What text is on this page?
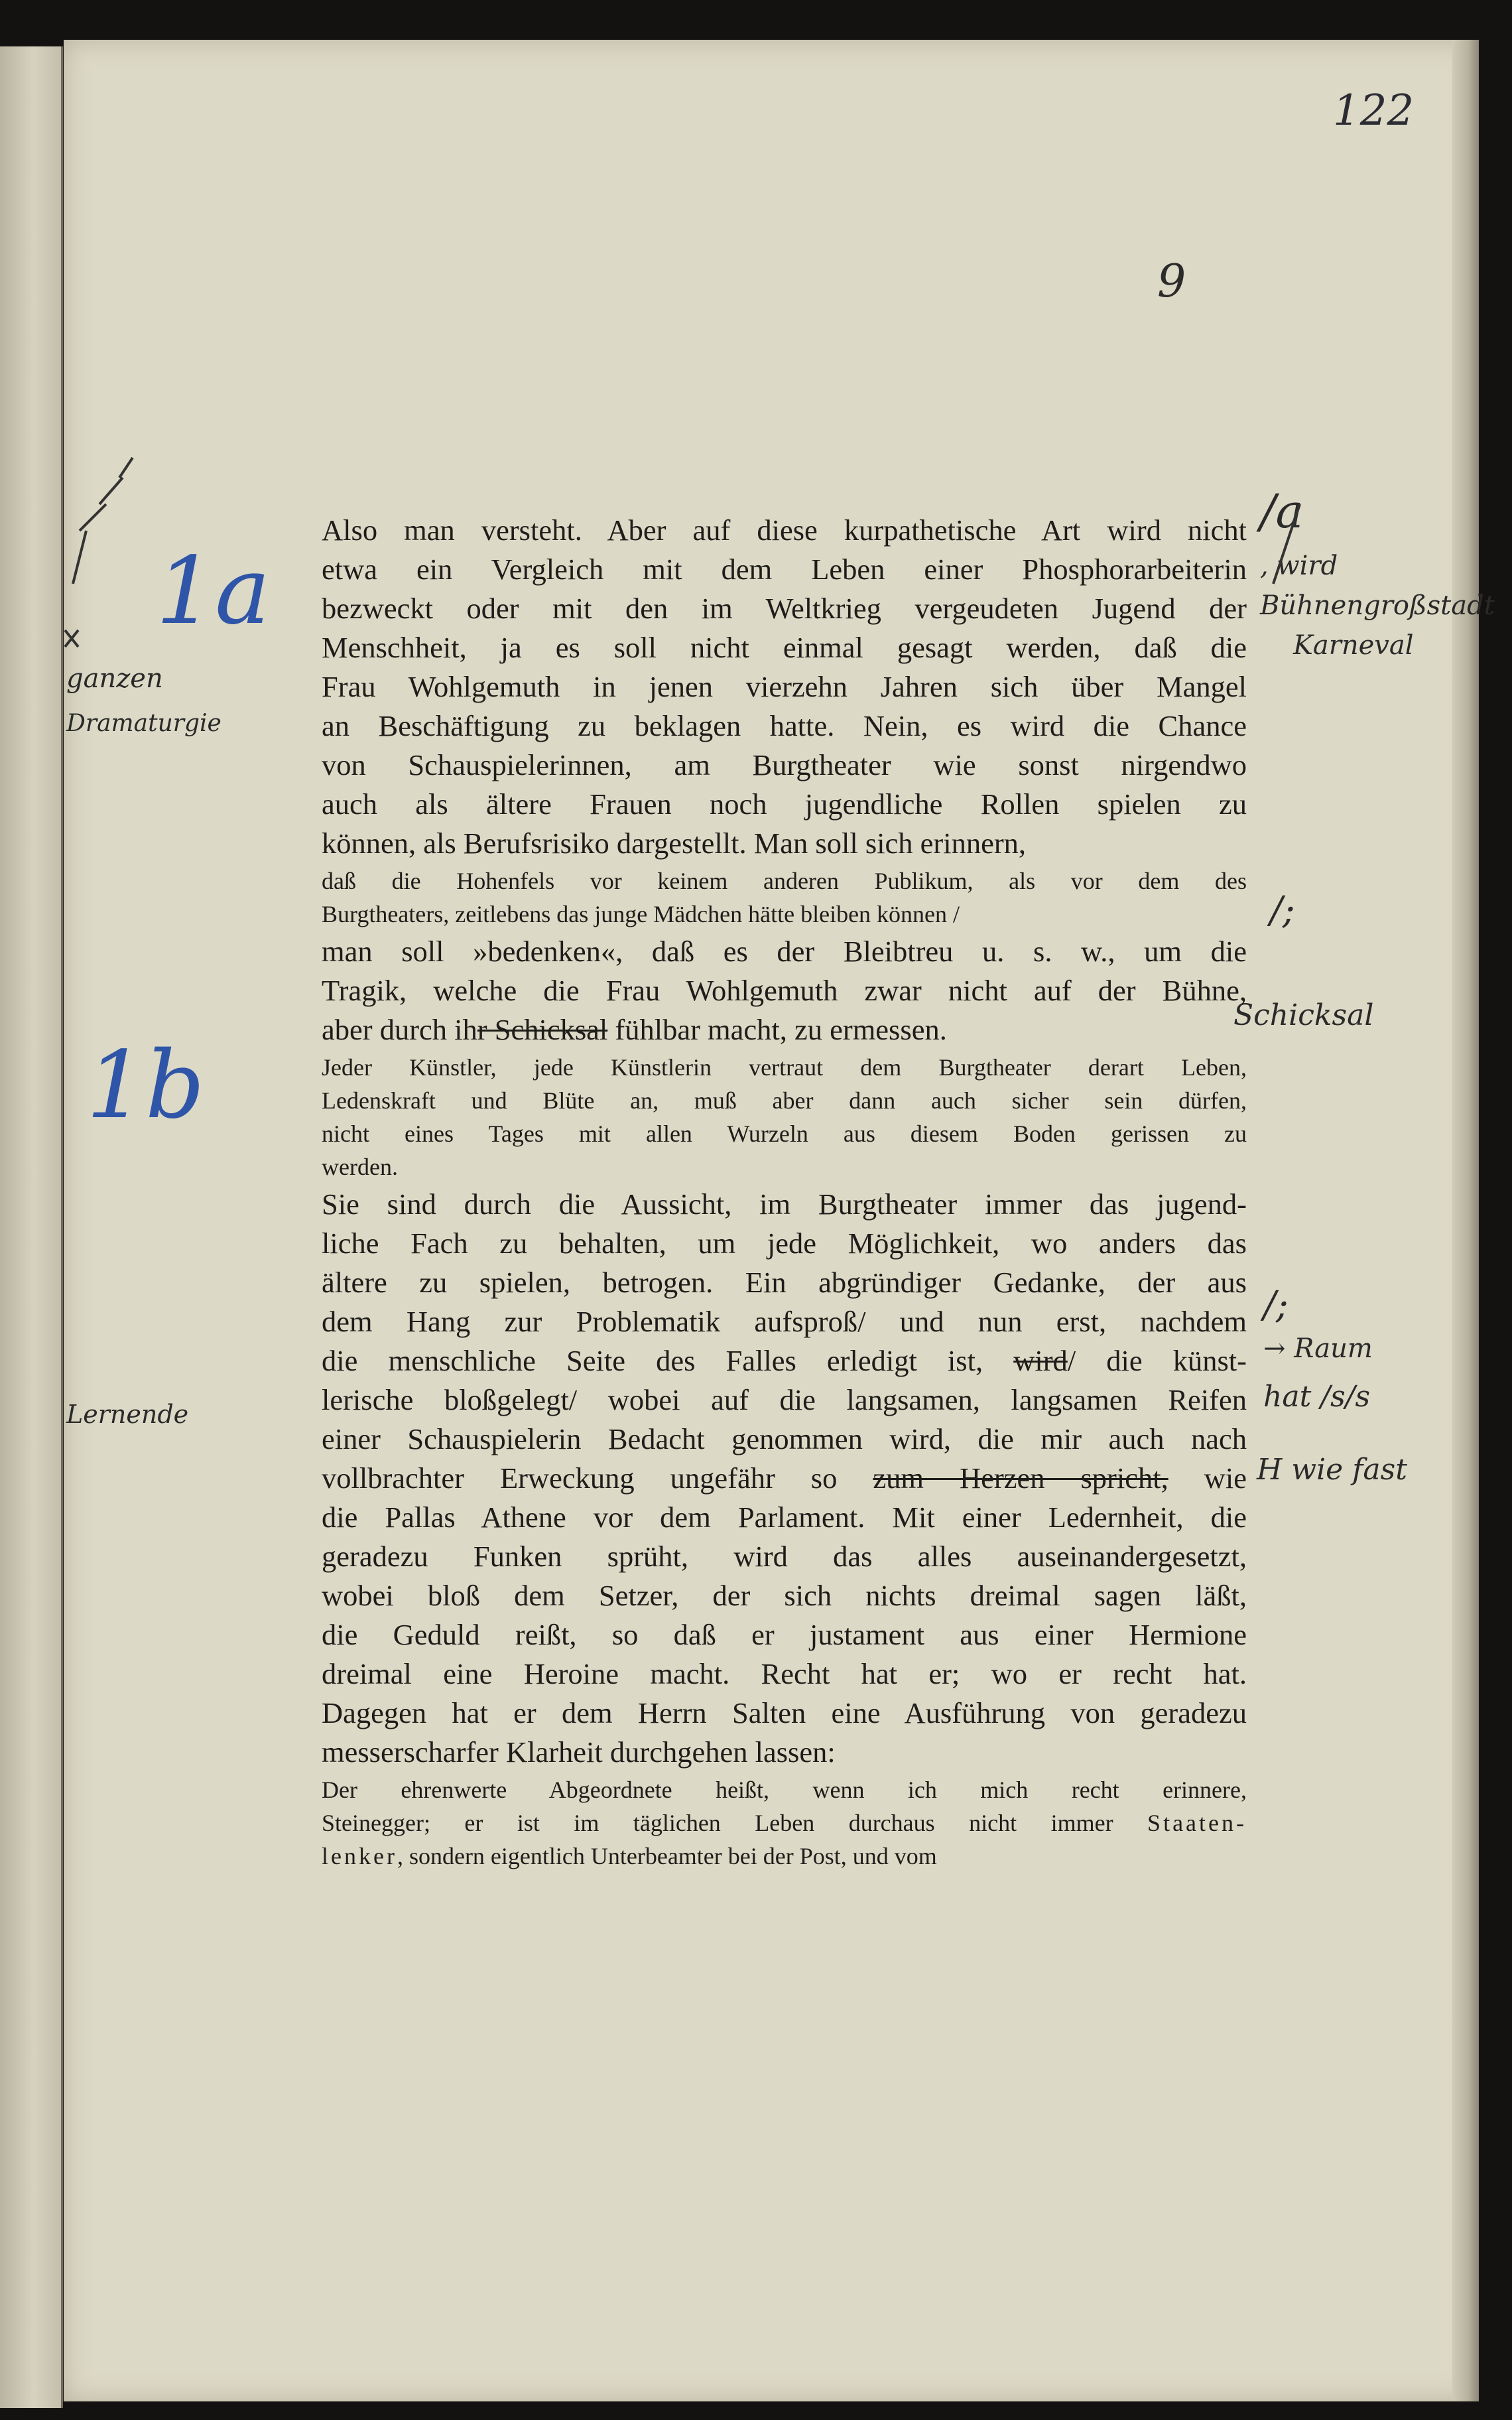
122
9

Also man versteht. Aber auf diese kurpathetische Art wird nicht

etwa ein Vergleich mit dem Leben einer Phosphorarbeiterin

bezweckt oder mit den im Weltkrieg vergeudeten Jugend der

Menschheit, ja es soll nicht einmal gesagt werden, daß die

Frau Wohlgemuth in jenen vierzehn Jahren sich über Mangel

an Beschäftigung zu beklagen hatte. Nein, es wird die Chance

von Schauspielerinnen, am Burgtheater wie sonst nirgendwo

auch als ältere Frauen noch jugendliche Rollen spielen zu

können, als Berufsrisiko dargestellt. Man soll sich erinnern,

daß die Hohenfels vor keinem anderen Publikum, als vor dem des

Burgtheaters, zeitlebens das junge Mädchen hätte bleiben können /

man soll »bedenken«, daß es der Bleibtreu u. s. w., um die

Tragik, welche die Frau Wohlgemuth zwar nicht auf der Bühne,

aber durch ihr Schicksal fühlbar macht, zu ermessen.

Jeder Künstler, jede Künstlerin vertraut dem Burgtheater derart Leben,

Ledenskraft und Blüte an, muß aber dann auch sicher sein dürfen,

nicht eines Tages mit allen Wurzeln aus diesem Boden gerissen zu

werden.

Sie sind durch die Aussicht, im Burgtheater immer das jugend-

liche Fach zu behalten, um jede Möglichkeit, wo anders das

ältere zu spielen, betrogen. Ein abgründiger Gedanke, der aus

dem Hang zur Problematik aufsproß/ und nun erst, nachdem

die menschliche Seite des Falles erledigt ist, wird/ die künst-

lerische bloßgelegt/ wobei auf die langsamen, langsamen Reifen

einer Schauspielerin Bedacht genommen wird, die mir auch nach

vollbrachter Erweckung ungefähr so zum Herzen spricht, wie

die Pallas Athene vor dem Parlament. Mit einer Ledernheit, die

geradezu Funken sprüht, wird das alles auseinandergesetzt,

wobei bloß dem Setzer, der sich nichts dreimal sagen läßt,

die Geduld reißt, so daß er justament aus einer Hermione

dreimal eine Heroine macht. Recht hat er; wo er recht hat.

Dagegen hat er dem Herrn Salten eine Ausführung von geradezu

messerscharfer Klarheit durchgehen lassen:

Der ehrenwerte Abgeordnete heißt, wenn ich mich recht erinnere,

Steinegger; er ist im täglichen Leben durchaus nicht immer Staaten-

lenker, sondern eigentlich Unterbeamter bei der Post, und vom

1a
1b
ganzen
Dramaturgie
Lernende
/a
, wird
Bühnengroßstadt
Karneval
/;
Schicksal
/;
→ Raum
hat /s/s
H wie fast
